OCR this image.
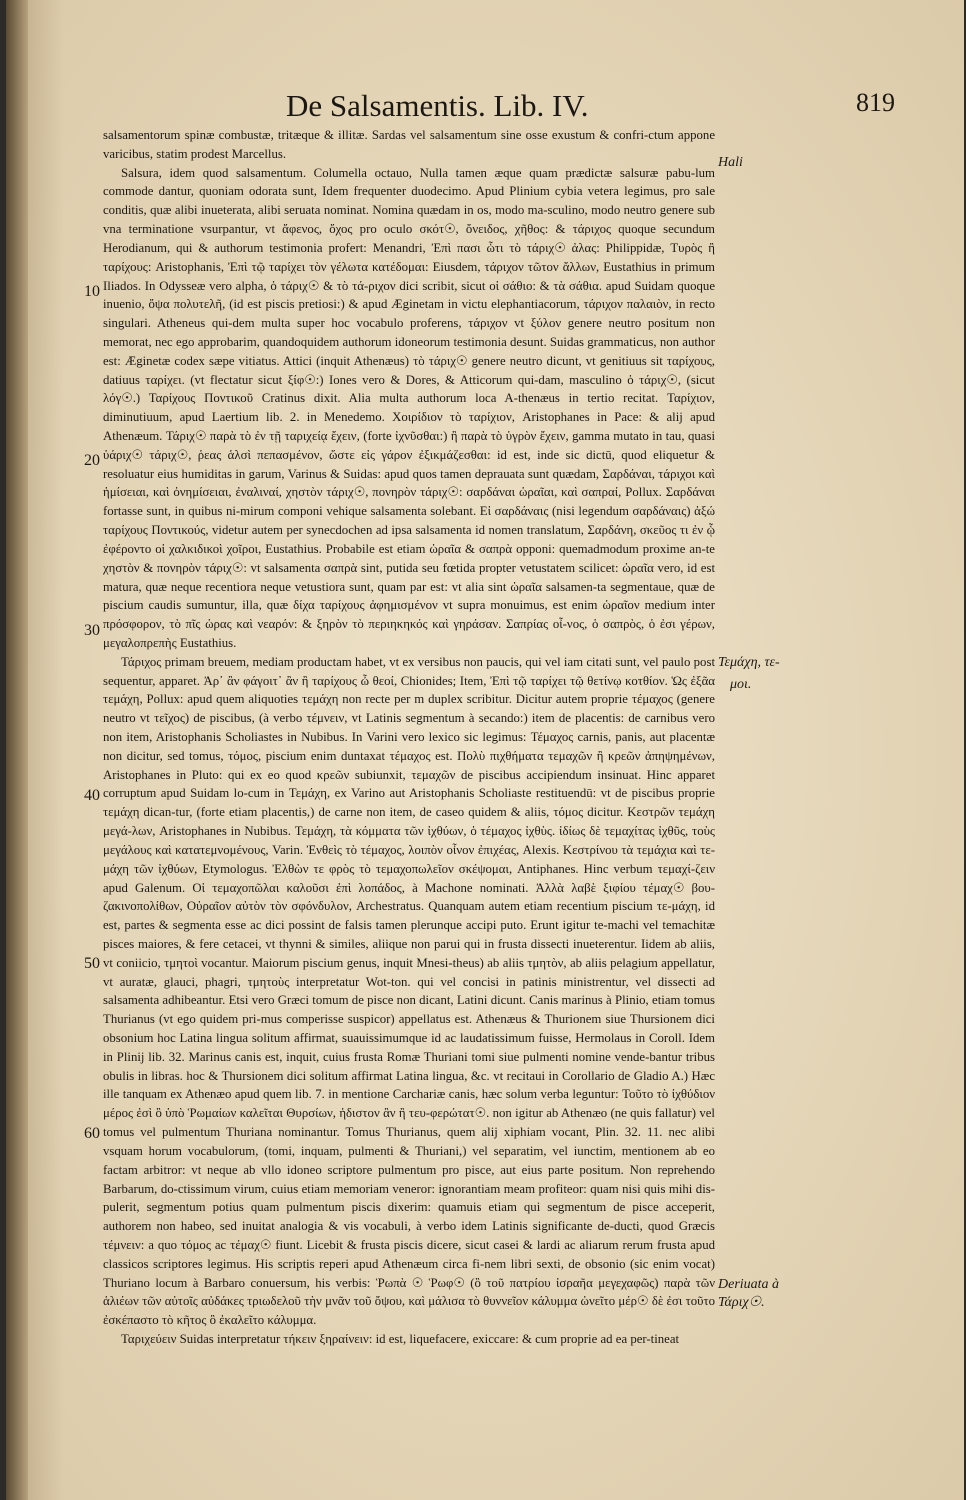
De Salsamentis. Lib. IV.	819
10
20
30
40
50
60
Hali
Τεμάχη, τε-
μοι.
Deriuata à Τάριχ☉.

salsamentorum spinæ combustæ, tritæque & illitæ. Sardas vel salsamentum sine osse exustum & confri-ctum appone varicibus, statim prodest Marcellus.

Salsura, idem quod salsamentum. Columella octauo, Nulla tamen æque quam prædictæ salsuræ pabu-lum commode dantur, quoniam odorata sunt, Idem frequenter duodecimo. Apud Plinium cybia vetera legimus, pro sale conditis, quæ alibi inueterata, alibi seruata nominat. Nomina quædam in os, modo ma-sculino, modo neutro genere sub vna terminatione vsurpantur, vt ἄφενος, ὄχος pro oculo σκότ☉, ὄνειδος, χῆθος: & τάριχος quoque secundum Herodianum, qui & authorum testimonia profert: Menandri, Ἐπὶ πασι ὧτι τὸ τάριχ☉ ἀλας: Philippidæ, Τυρὸς ἢ ταρίχους: Aristophanis, Ἐπὶ τῷ ταρίχει τὸν γέλωτα κατέδομαι: Eiusdem, τάριχον τῶτον ἄλλων, Eustathius in primum Iliados. In Odysseæ vero alpha, ὁ τάριχ☉ & τὸ τά-ριχον dici scribit, sicut οἱ σάθιο: & τὰ σάθια. apud Suidam quoque inuenio, ὄψα πολυτελῆ, (id est piscis pretiosi:) & apud Æginetam in victu elephantiacorum, τάριχον παλαιὸν, in recto singulari. Atheneus qui-dem multa super hoc vocabulo proferens, τάριχον vt ξύλον genere neutro positum non memorat, nec ego approbarim, quandoquidem authorum idoneorum testimonia desunt. Suidas grammaticus, non author est: Æginetæ codex sæpe vitiatus. Attici (inquit Athenæus) τὸ τάριχ☉ genere neutro dicunt, vt genitiuus sit ταρίχους, datiuus ταρίχει. (vt flectatur sicut ξίφ☉:) Iones vero & Dores, & Atticorum qui-dam, masculino ὁ τάριχ☉, (sicut λόγ☉.) Ταρίχους Ποντικοῦ Cratinus dixit. Alia multa authorum loca A-thenæus in tertio recitat. Ταρίχιον, diminutiuum, apud Laertium lib. 2. in Menedemo. Χοιρίδιον τὸ ταρίχιον, Aristophanes in Pace: & alij apud Athenæum. Τάριχ☉ παρὰ τὸ ἐν τῇ ταριχείᾳ ἔχειν, (forte ἰχνῦσθαι:) ἢ παρὰ τὸ ὑγρὸν ἔχειν, gamma mutato in tau, quasi ὑάριχ☉ τάριχ☉, ῥεας ἁλσὶ πεπασμένον, ὥστε εἰς γάρον ἐξικμάζεσθαι: id est, inde sic dictū, quod eliquetur & resoluatur eius humiditas in garum, Varinus & Suidas: apud quos tamen deprauata sunt quædam, Σαρδάναι, τάριχοι καὶ ἡμίσειαι, καὶ ὀνημίσειαι, ἐναλιναί, χηστὸν τάριχ☉, πονηρὸν τάριχ☉: σαρδάναι ὡραῖαι, καὶ σαπραί, Pollux. Σαρδάναι fortasse sunt, in quibus ni-mirum componi vehique salsamenta solebant. Εἰ σαρδάναις (nisi legendum σαρδάναις) ἀξώ ταρίχους Ποντικούς, videtur autem per synecdochen ad ipsa salsamenta id nomen translatum, Σαρδάνη, σκεῦος τι ἐν ᾧ ἐφέροντο οἱ χαλκιδικοὶ χοῖροι, Eustathius. Probabile est etiam ὡραῖα & σαπρὰ opponi: quemadmodum proxime an-te χηστὸν & πονηρὸν τάριχ☉: vt salsamenta σαπρὰ sint, putida seu fœtida propter vetustatem scilicet: ὡραῖα vero, id est matura, quæ neque recentiora neque vetustiora sunt, quam par est: vt alia sint ὡραῖα salsamen-ta segmentaue, quæ de piscium caudis sumuntur, illa, quæ δίχα ταρίχους ἀφημισμένον vt supra monuimus, est enim ὡραῖον medium inter πρόσφορον, τὸ πῖς ὡρας καὶ νεαρόν: & ξηρὸν τὸ περιηκηκός καὶ γηράσαν. Σαπρίας οἶ-νος, ὁ σαπρὸς, ὁ ἐσι γέρων, μεγαλοπρεπὴς Eustathius.

Τάριχος primam breuem, mediam productam habet, vt ex versibus non paucis, qui vel iam citati sunt, vel paulo post sequentur, apparet. Ἀρ᾽ ἂν φάγοιτ᾽ ἂν ἢ ταρίχους ὦ θεοί, Chionides; Item, Ἐπὶ τῷ ταρίχει τῷ θετίνῳ κοτθίον. Ὡς ἐξᾶα τεμάχη, Pollux: apud quem aliquoties τεμάχη non recte per m duplex scribitur. Dicitur autem proprie τέμαχος (genere neutro vt τεῖχος) de piscibus, (à verbo τέμνειν, vt Latinis segmentum à secando:) item de placentis: de carnibus vero non item, Aristophanis Scholiastes in Nubibus. In Varini vero lexico sic legimus: Τέμαχος carnis, panis, aut placentæ non dicitur, sed tomus, τόμος, piscium enim duntaxat τέμαχος est. Πολὺ πιχθήματα τεμαχῶν ἢ κρεῶν ἀπηψημένων, Aristophanes in Pluto: qui ex eo quod κρεῶν subiunxit, τεμαχῶν de piscibus accipiendum insinuat. Hinc apparet corruptum apud Suidam lo-cum in Τεμάχη, ex Varino aut Aristophanis Scholiaste restituendū: vt de piscibus proprie τεμάχη dican-tur, (forte etiam placentis,) de carne non item, de caseo quidem & aliis, τόμος dicitur. Κεστρῶν τεμάχη μεγά-λων, Aristophanes in Nubibus. Τεμάχη, τὰ κόμματα τῶν ἰχθύων, ὁ τέμαχος ἰχθὺς. ἰδίως δὲ τεμαχίτας ἰχθῦς, τοὺς μεγάλους καὶ κατατεμνομένους, Varin. Ἐνθεὶς τὸ τέμαχος, λοιπὸν οἶνον ἐπιχέας, Alexis. Κεστρίνου τὰ τεμάχια καὶ τε-μάχη τῶν ἰχθύων, Etymologus. Ἐλθὼν τε φρὸς τὸ τεμαχοπωλεῖον σκέψομαι, Antiphanes. Hinc verbum τεμαχί-ζειν apud Galenum. Οἱ τεμαχοπῶλαι καλοῦσι ἐπὶ λοπάδος, à Machone nominati. Ἀλλὰ λαβὲ ξιφίου τέμαχ☉ βου-ζακινοπολίθων, Οὐραῖον αὐτὸν τὸν σφόνδυλον, Archestratus. Quanquam autem etiam recentium piscium τε-μάχη, id est, partes & segmenta esse ac dici possint de falsis tamen plerunque accipi puto. Erunt igitur te-machi vel temachitæ pisces maiores, & fere cetacei, vt thynni & similes, aliique non parui qui in frusta dissecti inueterentur. Iidem ab aliis, vt coniicio, τμητοὶ vocantur. Maiorum piscium genus, inquit Mnesi-theus) ab aliis τμητὸν, ab aliis pelagium appellatur, vt auratæ, glauci, phagri, τμητοὺς interpretatur Wot-ton. qui vel concisi in patinis ministrentur, vel dissecti ad salsamenta adhibeantur. Etsi vero Græci tomum de pisce non dicant, Latini dicunt. Canis marinus à Plinio, etiam tomus Thurianus (vt ego quidem pri-mus comperisse suspicor) appellatus est. Athenæus & Thurionem siue Thursionem dici obsonium hoc Latina lingua solitum affirmat, suauissimumque id ac laudatissimum fuisse, Hermolaus in Coroll. Idem in Plinij lib. 32. Marinus canis est, inquit, cuius frusta Romæ Thuriani tomi siue pulmenti nomine vende-bantur tribus obulis in libras. hoc & Thursionem dici solitum affirmat Latina lingua, &c. vt recitaui in Corollario de Gladio A.) Hæc ille tanquam ex Athenæo apud quem lib. 7. in mentione Carchariæ canis, hæc solum verba leguntur: Τοῦτο τὸ ἰχθύδιον μέρος ἐσὶ ὃ ὑπὸ Ῥωμαίων καλεῖται Θυρσίων, ἡδιστον ἂν ἢ τευ-φερώτατ☉. non igitur ab Athenæo (ne quis fallatur) vel tomus vel pulmentum Thuriana nominantur. Tomus Thurianus, quem alij xiphiam vocant, Plin. 32. 11. nec alibi vsquam horum vocabulorum, (tomi, inquam, pulmenti & Thuriani,) vel separatim, vel iunctim, mentionem ab eo factam arbitror: vt neque ab vllo idoneo scriptore pulmentum pro pisce, aut eius parte positum. Non reprehendo Barbarum, do-ctissimum virum, cuius etiam memoriam veneror: ignorantiam meam profiteor: quam nisi quis mihi dis-pulerit, segmentum potius quam pulmentum piscis dixerim: quamuis etiam qui segmentum de pisce acceperit, authorem non habeo, sed inuitat analogia & vis vocabuli, à verbo idem Latinis significante de-ducti, quod Græcis τέμνειν: a quo τόμος ac τέμαχ☉ fiunt. Licebit & frusta piscis dicere, sicut casei & lardi ac aliarum rerum frusta apud classicos scriptores legimus. His scriptis reperi apud Athenæum circa fi-nem libri sexti, de obsonio (sic enim vocat) Thuriano locum à Barbaro conuersum, his verbis: Ῥωπὰ ☉ Ῥωφ☉ (ὃ τοῦ πατρίου ἰσραῆα μεγεχαφῶς) παρὰ τῶν ἁλιέων τῶν αὐτοῖς αὐδάκες τριωδελοῦ τὴν μνᾶν τοῦ ὄψου, καὶ μάλισα τὸ θυννεῖον κάλυμμα ὠνεῖτο μέρ☉ δὲ ἐσι τοῦτο ἐσκέπαστο τὸ κῆτος ὃ ἐκαλεῖτο κάλυμμα.

Ταριχεύειν Suidas interpretatur τήκειν ξηραίνειν: id est, liquefacere, exiccare: & cum proprie ad ea per-tineat
